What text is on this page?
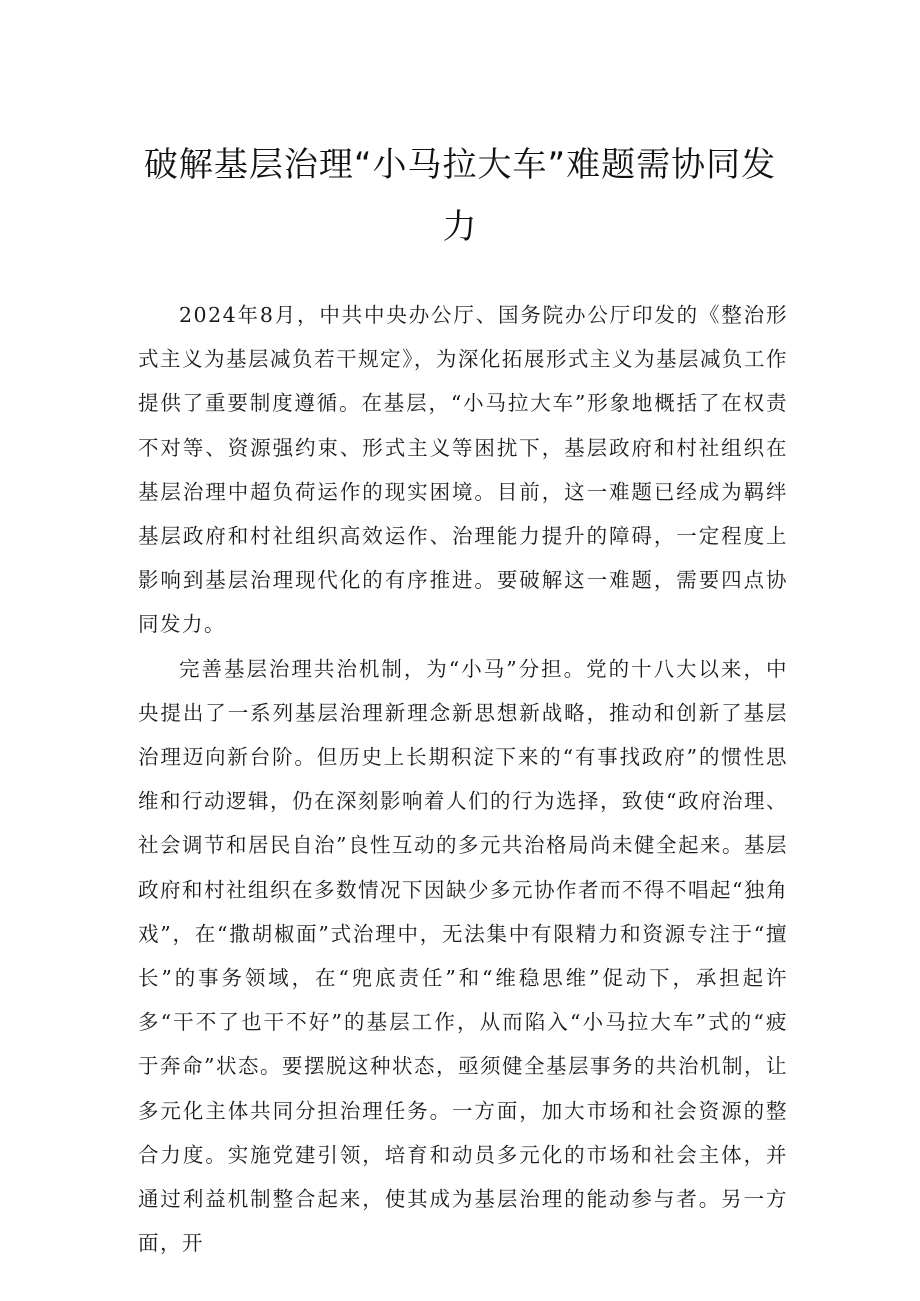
破解基层治理“小马拉大车”难题需协同发力

2024年8月，中共中央办公厅、国务院办公厅印发的《整治形式主义为基层减负若干规定》，为深化拓展形式主义为基层减负工作提供了重要制度遵循。在基层，“小马拉大车”形象地概括了在权责不对等、资源强约束、形式主义等困扰下，基层政府和村社组织在基层治理中超负荷运作的现实困境。目前，这一难题已经成为羁绊基层政府和村社组织高效运作、治理能力提升的障碍，一定程度上影响到基层治理现代化的有序推进。要破解这一难题，需要四点协同发力。

完善基层治理共治机制，为“小马”分担。党的十八大以来，中央提出了一系列基层治理新理念新思想新战略，推动和创新了基层治理迈向新台阶。但历史上长期积淀下来的“有事找政府”的惯性思维和行动逻辑，仍在深刻影响着人们的行为选择，致使“政府治理、社会调节和居民自治”良性互动的多元共治格局尚未健全起来。基层政府和村社组织在多数情况下因缺少多元协作者而不得不唱起“独角戏”，在“撒胡椒面”式治理中，无法集中有限精力和资源专注于“擅长”的事务领域，在“兜底责任”和“维稳思维”促动下，承担起许多“干不了也干不好”的基层工作，从而陷入“小马拉大车”式的“疲于奔命”状态。要摆脱这种状态，亟须健全基层事务的共治机制，让多元化主体共同分担治理任务。一方面，加大市场和社会资源的整合力度。实施党建引领，培育和动员多元化的市场和社会主体，并通过利益机制整合起来，使其成为基层治理的能动参与者。另一方面，开
